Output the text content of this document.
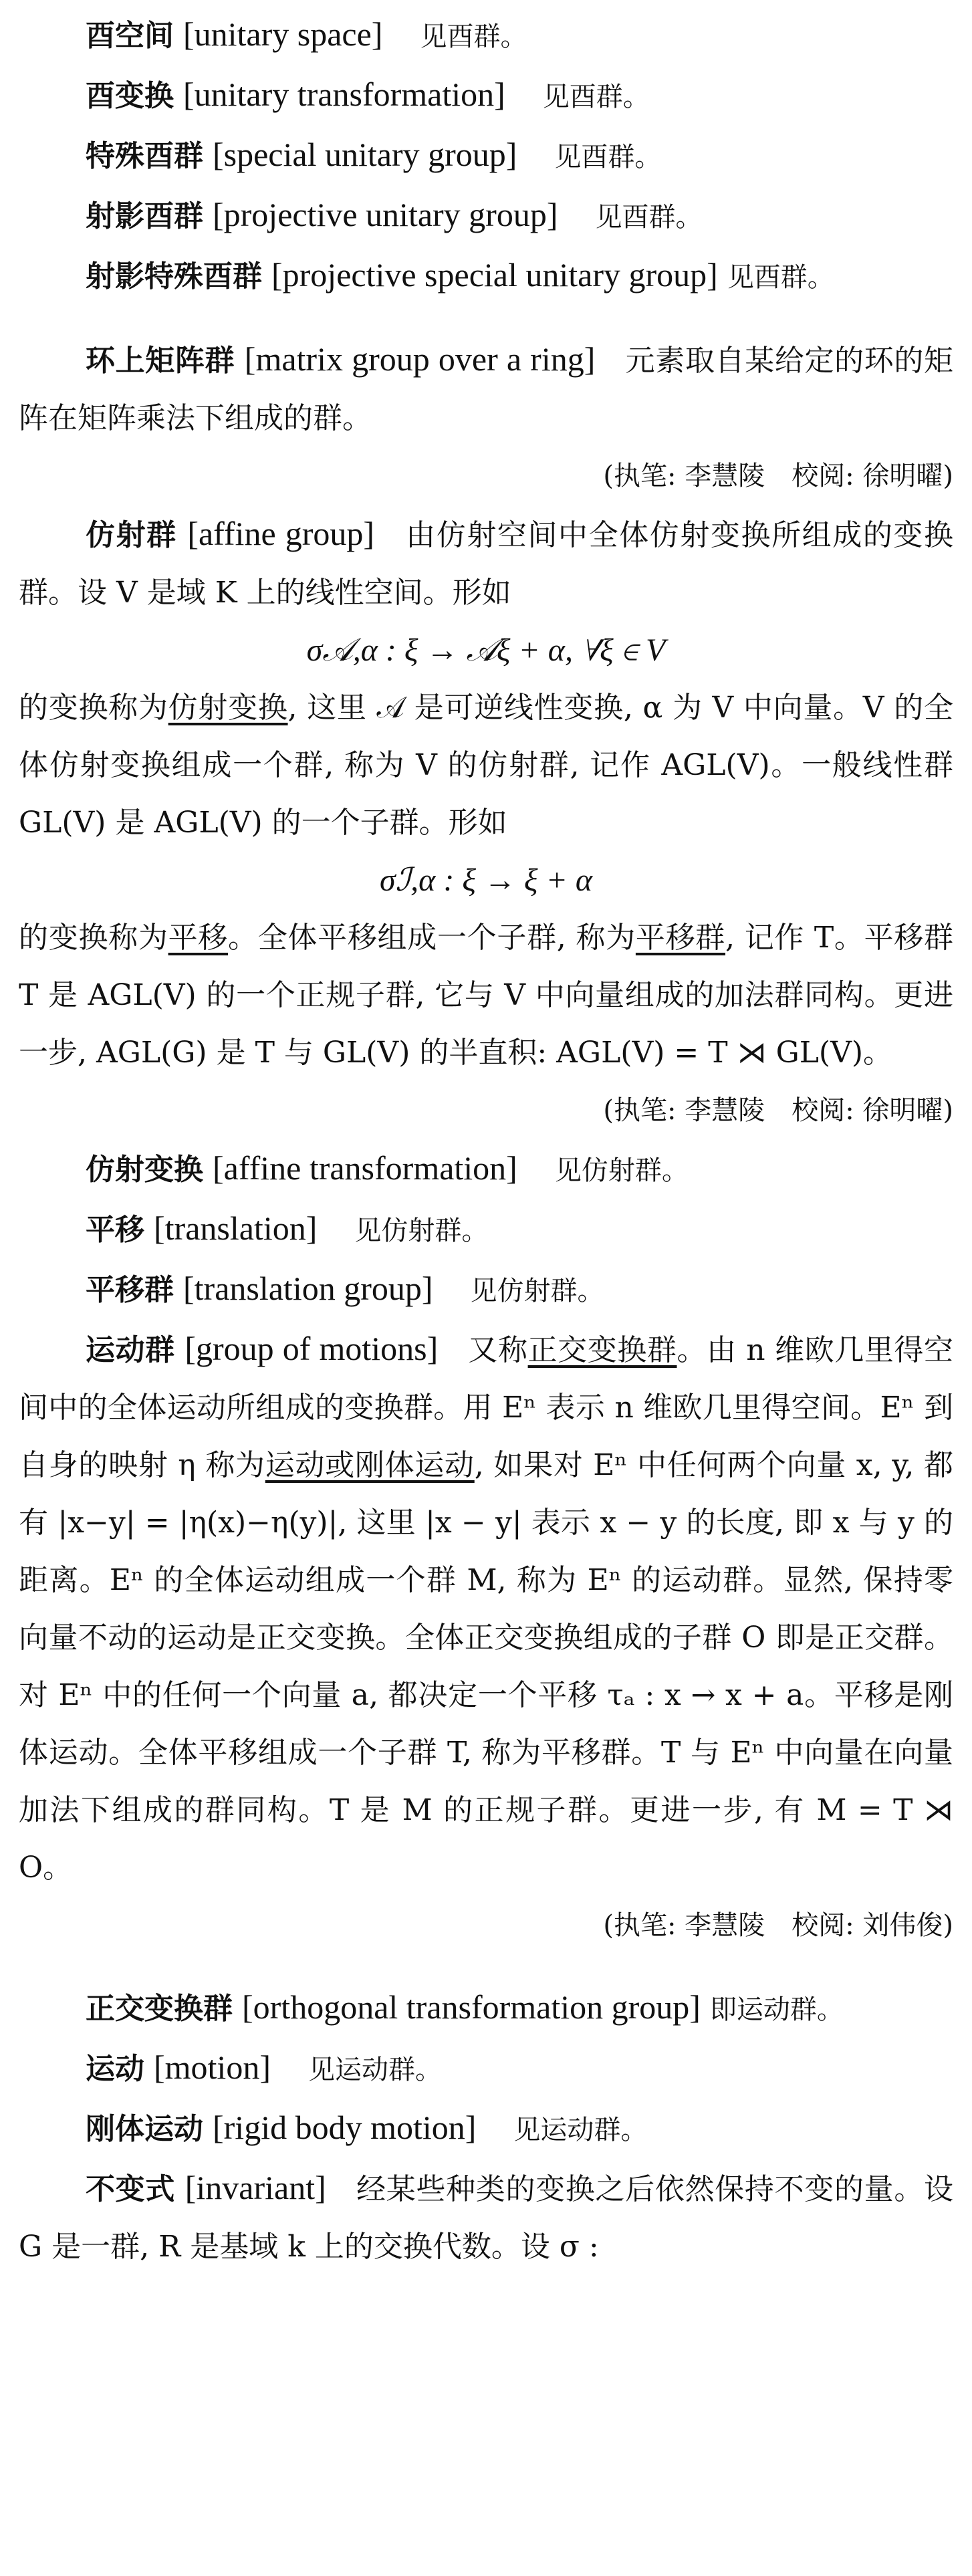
酉空间 [unitary space] 见酉群。

酉变换 [unitary transformation] 见酉群。

特殊酉群 [special unitary group] 见酉群。

射影酉群 [projective unitary group] 见酉群。

射影特殊酉群 [projective special unitary group] 见酉群。

环上矩阵群 [matrix group over a ring]　 元素取自某给定的环的矩阵在矩阵乘法下组成的群。

(执笔: 李慧陵　校阅: 徐明曜)

仿射群 [affine group]　 由仿射空间中全体仿射变换所组成的变换群。设 V 是域 K 上的线性空间。形如

σ𝒜,α : ξ → 𝒜ξ + α, ∀ξ ∈ V

的变换称为仿射变换, 这里 𝒜 是可逆线性变换, α 为 V 中向量。V 的全体仿射变换组成一个群, 称为 V 的仿射群, 记作 AGL(V)。一般线性群 GL(V) 是 AGL(V) 的一个子群。形如

σℐ,α : ξ → ξ + α

的变换称为平移。全体平移组成一个子群, 称为平移群, 记作 T。平移群 T 是 AGL(V) 的一个正规子群, 它与 V 中向量组成的加法群同构。更进一步, AGL(G) 是 T 与 GL(V) 的半直积: AGL(V) = T ⋊ GL(V)。

(执笔: 李慧陵　校阅: 徐明曜)

仿射变换 [affine transformation] 见仿射群。

平移 [translation] 见仿射群。

平移群 [translation group] 见仿射群。

运动群 [group of motions]　 又称正交变换群。由 n 维欧几里得空间中的全体运动所组成的变换群。用 Eⁿ 表示 n 维欧几里得空间。Eⁿ 到自身的映射 η 称为运动或刚体运动, 如果对 Eⁿ 中任何两个向量 x, y, 都有 |x−y| = |η(x)−η(y)|, 这里 |x − y| 表示 x − y 的长度, 即 x 与 y 的距离。Eⁿ 的全体运动组成一个群 M, 称为 Eⁿ 的运动群。显然, 保持零向量不动的运动是正交变换。全体正交变换组成的子群 O 即是正交群。对 Eⁿ 中的任何一个向量 a, 都决定一个平移 τₐ : x → x + a。平移是刚体运动。全体平移组成一个子群 T, 称为平移群。T 与 Eⁿ 中向量在向量加法下组成的群同构。T 是 M 的正规子群。更进一步, 有 M = T ⋊ O。

(执笔: 李慧陵　校阅: 刘伟俊)

正交变换群 [orthogonal transformation group] 即运动群。

运动 [motion] 见运动群。

刚体运动 [rigid body motion] 见运动群。

不变式 [invariant]　 经某些种类的变换之后依然保持不变的量。设 G 是一群, R 是基域 k 上的交换代数。设 σ :
